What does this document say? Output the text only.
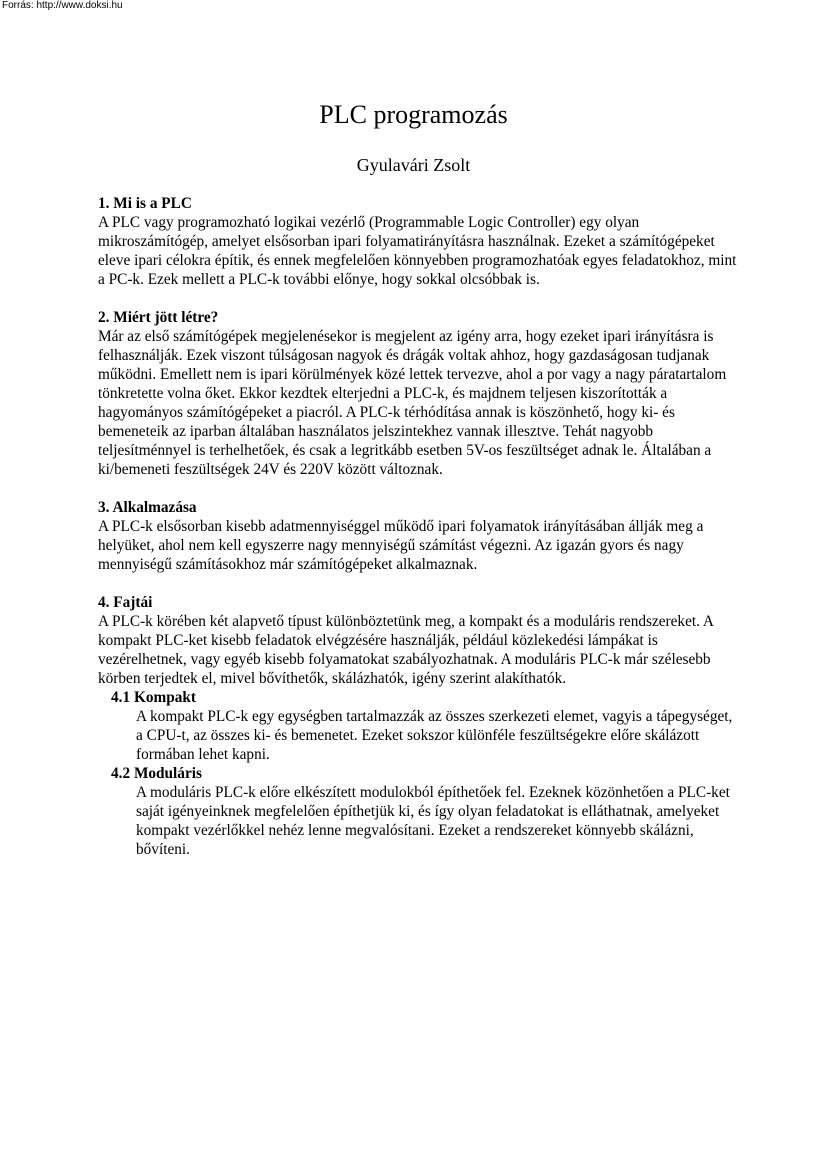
Forrás: http://www.doksi.hu
PLC programozás
Gyulavári Zsolt

1. Mi is a PLC

A PLC vagy programozható logikai vezérlő (Programmable Logic Controller) egy olyan mikroszámítógép, amelyet elsősorban ipari folyamatirányításra használnak. Ezeket a számítógépeket eleve ipari célokra építik, és ennek megfelelően könnyebben programozhatóak egyes feladatokhoz, mint a PC-k. Ezek mellett a PLC-k további előnye, hogy sokkal olcsóbbak is.

2. Miért jött létre?

Már az első számítógépek megjelenésekor is megjelent az igény arra, hogy ezeket ipari irányításra is felhasználják. Ezek viszont túlságosan nagyok és drágák voltak ahhoz, hogy gazdaságosan tudjanak működni. Emellett nem is ipari körülmények közé lettek tervezve, ahol a por vagy a nagy páratartalom tönkretette volna őket. Ekkor kezdtek elterjedni a PLC-k, és majdnem teljesen kiszorították a hagyományos számítógépeket a piacról. A PLC-k térhódítása annak is köszönhető, hogy ki- és bemeneteik az iparban általában használatos jelszintekhez vannak illesztve. Tehát nagyobb teljesítménnyel is terhelhetőek, és csak a legritkább esetben 5V-os feszültséget adnak le. Általában a ki/bemeneti feszültségek 24V és 220V között változnak.

3. Alkalmazása

A PLC-k elsősorban kisebb adatmennyiséggel működő ipari folyamatok irányításában állják meg a helyüket, ahol nem kell egyszerre nagy mennyiségű számítást végezni. Az igazán gyors és nagy mennyiségű számításokhoz már számítógépeket alkalmaznak.

4. Fajtái

A PLC-k körében két alapvető típust különböztetünk meg, a kompakt és a moduláris rendszereket. A kompakt PLC-ket kisebb feladatok elvégzésére használják, például közlekedési lámpákat is vezérelhetnek, vagy egyéb kisebb folyamatokat szabályozhatnak. A moduláris PLC-k már szélesebb körben terjedtek el, mivel bővíthetők, skálázhatók, igény szerint alakíthatók.

4.1 Kompakt

A kompakt PLC-k egy egységben tartalmazzák az összes szerkezeti elemet, vagyis a tápegységet, a CPU-t, az összes ki- és bemenetet. Ezeket sokszor különféle feszültségekre előre skálázott formában lehet kapni.

4.2 Moduláris

A moduláris PLC-k előre elkészített modulokból építhetőek fel. Ezeknek közönhetően a PLC-ket saját igényeinknek megfelelően építhetjük ki, és így olyan feladatokat is elláthatnak, amelyeket kompakt vezérlőkkel nehéz lenne megvalósítani. Ezeket a rendszereket könnyebb skálázni, bővíteni.
